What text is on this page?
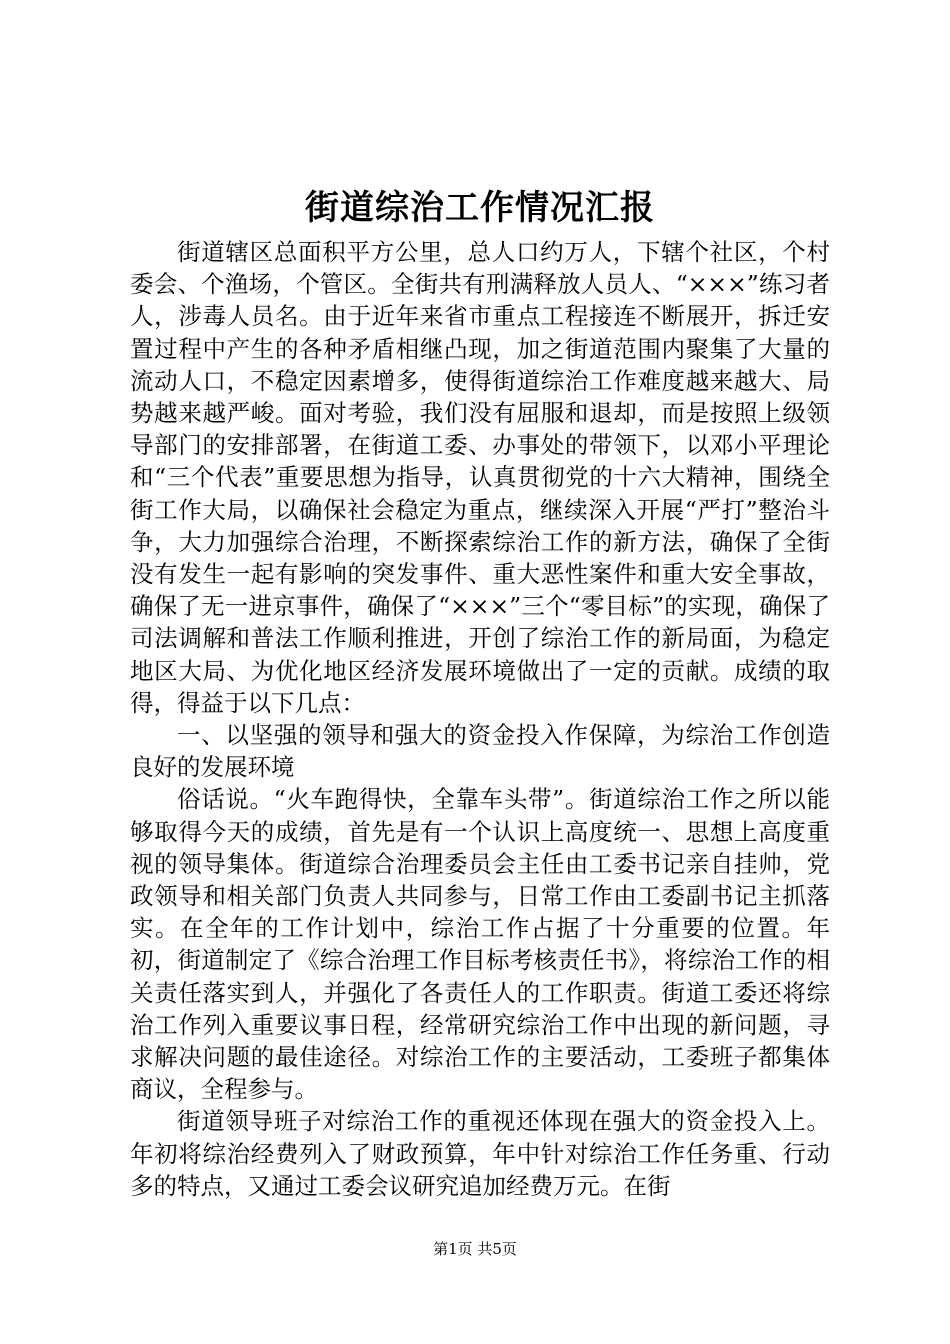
街道综治工作情况汇报

街道辖区总面积平方公里，总人口约万人，下辖个社区，个村委会、个渔场，个管区。全街共有刑满释放人员人、“×××”练习者人，涉毒人员名。由于近年来省市重点工程接连不断展开，拆迁安置过程中产生的各种矛盾相继凸现，加之街道范围内聚集了大量的流动人口，不稳定因素增多，使得街道综治工作难度越来越大、局势越来越严峻。面对考验，我们没有屈服和退却，而是按照上级领导部门的安排部署，在街道工委、办事处的带领下，以邓小平理论和“三个代表”重要思想为指导，认真贯彻党的十六大精神，围绕全街工作大局，以确保社会稳定为重点，继续深入开展“严打”整治斗争，大力加强综合治理，不断探索综治工作的新方法，确保了全街没有发生一起有影响的突发事件、重大恶性案件和重大安全事故，确保了无一进京事件，确保了“×××”三个“零目标”的实现，确保了司法调解和普法工作顺利推进，开创了综治工作的新局面，为稳定地区大局、为优化地区经济发展环境做出了一定的贡献。成绩的取得，得益于以下几点：

一、以坚强的领导和强大的资金投入作保障，为综治工作创造良好的发展环境

俗话说。“火车跑得快，全靠车头带”。街道综治工作之所以能够取得今天的成绩，首先是有一个认识上高度统一、思想上高度重视的领导集体。街道综合治理委员会主任由工委书记亲自挂帅，党政领导和相关部门负责人共同参与，日常工作由工委副书记主抓落实。在全年的工作计划中，综治工作占据了十分重要的位置。年初，街道制定了《综合治理工作目标考核责任书》，将综治工作的相关责任落实到人，并强化了各责任人的工作职责。街道工委还将综治工作列入重要议事日程，经常研究综治工作中出现的新问题，寻求解决问题的最佳途径。对综治工作的主要活动，工委班子都集体商议，全程参与。

街道领导班子对综治工作的重视还体现在强大的资金投入上。年初将综治经费列入了财政预算，年中针对综治工作任务重、行动多的特点，又通过工委会议研究追加经费万元。在街

第1页 共5页
